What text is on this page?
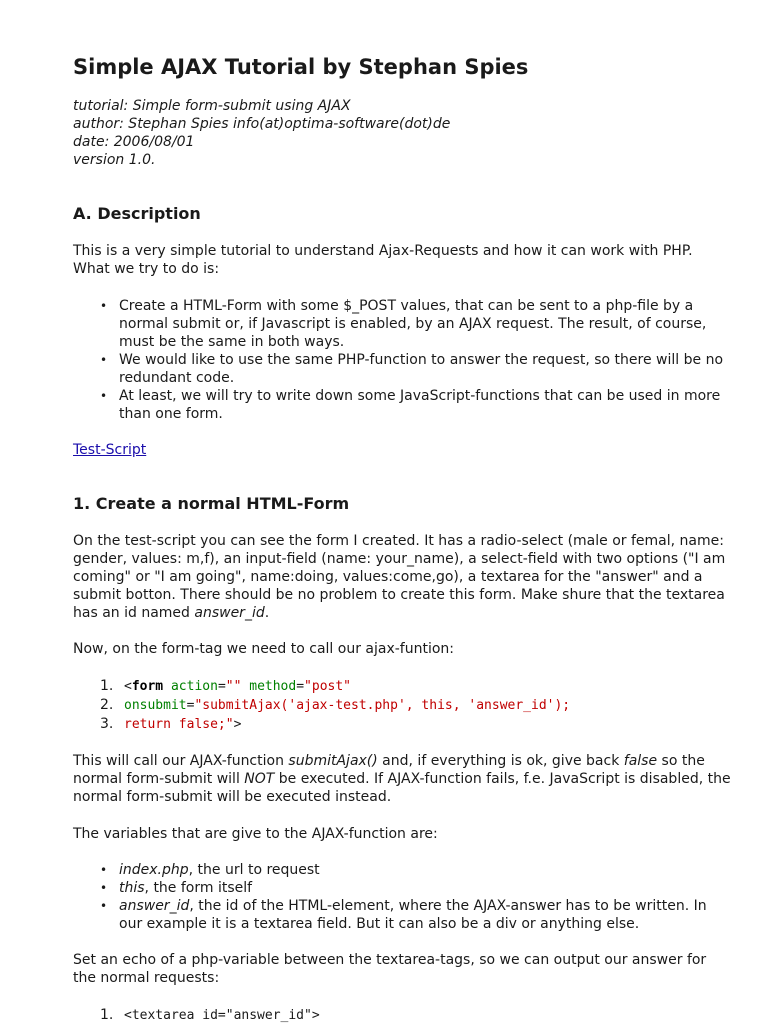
Simple AJAX Tutorial by Stephan Spies
tutorial: Simple form-submit using AJAX
author: Stephan Spies info(at)optima-software(dot)de
date: 2006/08/01
version 1.0.
A. Description

This is a very simple tutorial to understand Ajax-Requests and how it can work with PHP. What we try to do is:

• Create a HTML-Form with some $_POST values, that can be sent to a php-file by a normal submit or, if Javascript is enabled, by an AJAX request. The result, of course, must be the same in both ways.
• We would like to use the same PHP-function to answer the request, so there will be no redundant code.
• At least, we will try to write down some JavaScript-functions that can be used in more than one form.
Test-Script
1. Create a normal HTML-Form

On the test-script you can see the form I created. It has a radio-select (male or femal, name: gender, values: m,f), an input-field (name: your_name), a select-field with two options ("I am coming" or "I am going", name:doing, values:come,go), a textarea for the "answer" and a submit botton. There should be no problem to create this form. Make shure that the textarea has an id named answer_id.

Now, on the form-tag we need to call our ajax-funtion:

1. <form action="" method="post"
2. onsubmit="submitAjax('ajax-test.php', this, 'answer_id');
3. return false;">

This will call our AJAX-function submitAjax() and, if everything is ok, give back false so the normal form-submit will NOT be executed. If AJAX-function fails, f.e. JavaScript is disabled, the normal form-submit will be executed instead.

The variables that are give to the AJAX-function are:

• index.php, the url to request
• this, the form itself
• answer_id, the id of the HTML-element, where the AJAX-answer has to be written. In our example it is a textarea field. But it can also be a div or anything else.

Set an echo of a php-variable between the textarea-tags, so we can output our answer for the normal requests:

1. <textarea id="answer_id">
